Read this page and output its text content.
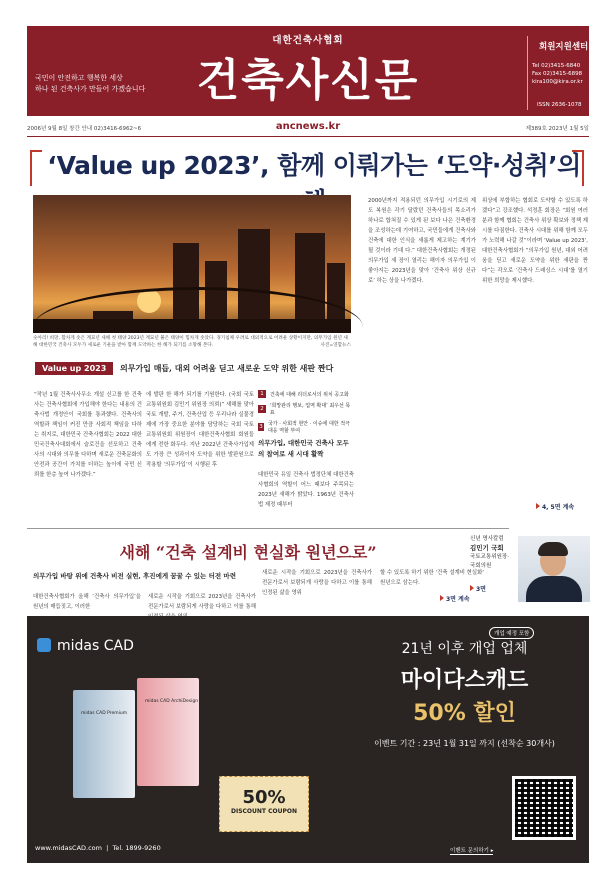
국민이 안전하고 행복한 세상
하나 된 건축사가 만들어 가겠습니다
대한건축사협회
건축사신문
회원지원센터
Tel 02)3415-6840
Fax 02)3415-6898
kira100@kira.or.kr
ISSN 2636-1078
2006년 9월 8일 창간 안내 02)3416-6962~6	ancnews.kr	제389호 2023년 1월 5일
‘Value up 2023’, 함께 이뤄가는 ‘도약·성취’의
숫아리! 희망, 함차게 솟은 계묘년 새해 첫 태양 2023년 계묘년 붉은 태양이 힘차게 솟았다. 경기침체 우려로 대외적으로 어려운 상황이지만, 의무가입 원년 새해 대한민국 건축사 모두가 새로운 기운을 받아 함께 도약하는 한 해가 되기를 소망해 본다.	사진=연합뉴스
Value up 2023	의무가입 매듭, 대외 어려움 딛고 새로운 도약 위한 새판 짠다
“작년 1월 건축사사무소 개설 신고를 한 건축사는 건축사협회에 가입해야 한다는 내용의 건축사법 개정안이 국회를 통과했다. 건축사의 역할과 책임이 커진 만큼 사회적 책임을 다하는 취지로, 대한민국 건축사협회는 2022 대한민국건축사대회에서 슬로건을 선포하고 건축사의 시대와 의무를 다하며 새로운 건축문화의 안전과 공간이 가치를 더하는 높이에 국민 신뢰를 한층 높여 나가겠다.”
에 발판 한 해가 되기를 기원한다. (국회 국토교통위원회 김민기 위원장 의뢰)” 새해를 맞아 국토 개발, 주거, 건축산업 등 우리나라 실물경제에 가장 중요한 분야를 담당하는 국회 국토교통위원회 위원장이 대한건축사협회 회원들에게 전한 화두다. 지난 2022년 건축사가입제도 가장 큰 성과이자 도약을 위한 발판원으로 작용할 ‘의무가입’이 시행된 후
1	건축에 대해 리더로서의 위치 공고화
2	‘희망관리 행보, 업역 확대’ 최우선 목표
3 국가 · 사회적 현안 · 이슈에 대한 적극 대응 역할 부여
의무가입, 대한민국 건축사 모두의 참여로 새 시대 활짝
대한민국 유일 건축사 법정단체 대한건축사협회의 역할이 어느 때보다 주목되는 2023년 새해가 밝았다. 1963년 건축사법 제정 때부터
2000년까지 적용되던 의무가입 시기로의 제도 복원은 각기 달랐던 건축사들의 목소리가 하나로 합쳐질 수 있게 된 보다 나은 건축환경을 조성하는데 기여하고, 국민들에게 건축사와 건축에 대한 인식을 새롭게 제고하는 계기가 될 것이라 기대 다.” 대한건축사협회는 개정된 의무가입 새 장이 열리는 해이자 의무가입 이 좋아지는 2023년을 맞아 ‘건축사 위상 신규로’ 하는 상을 나가겠다.
위상에 부합하는 협회로 도약할 수 있도록 하겠다”고 강조했다. 석정훈 회장은 “회원 여러분과 함께 협회는 건축사 위상 확보와 정책 제시를 다짐한다. 건축사 시대를 위해 함께 모두가 노력해 나갈 것”이라며 ‘Value up 2023’, 대한건축사협회가 “의무가입 원년, 대외 어려움을 딛고 새로운 도약을 위한 새판을 짠다”는 각오로 ‘건축사 드래싱스 시대’를 열기 위한 희망을 제시했다.
4, 5면 계속
새해 “건축 설계비 현실화 원년으로”
의무가입 바탕 위에 건축사 비전 실현, 후진에게 꿈꿀 수 있는 터전 마련
대한건축사협회가 올해 ‘건축사 의무가입’을 원년의 매듭짓고, 이러한
새로운 시작을 기회으로 2023년을 건축사가 전문가로서 보람되게 사랑을 다하고 이를 통해
새로운 시작을 기회으로 2023년을 건축사가 전문가로서 보람되게 사랑을 다하고 이를 통해 인정된 삶을 영위
할 수 있도록 하기 위한 ‘건축 설계비 현실화’ 원년으로 삼는다.
3면 계속
신년 명사칼럼
김민기 국회
국토교통위원장·
국회의원
3면
midas CAD
midas CAD Premium
midas CAD ArchiDesign
50%
DISCOUNT COUPON
개업 예정 포함
21년 이후 개업 업체
마이다스캐드
50% 할인
이벤트 기간 : 23년 1월 31일 까지 (선착순 30개사)
www.midasCAD.com  |  Tel. 1899-9260	이벤트 문의하기 ▸
